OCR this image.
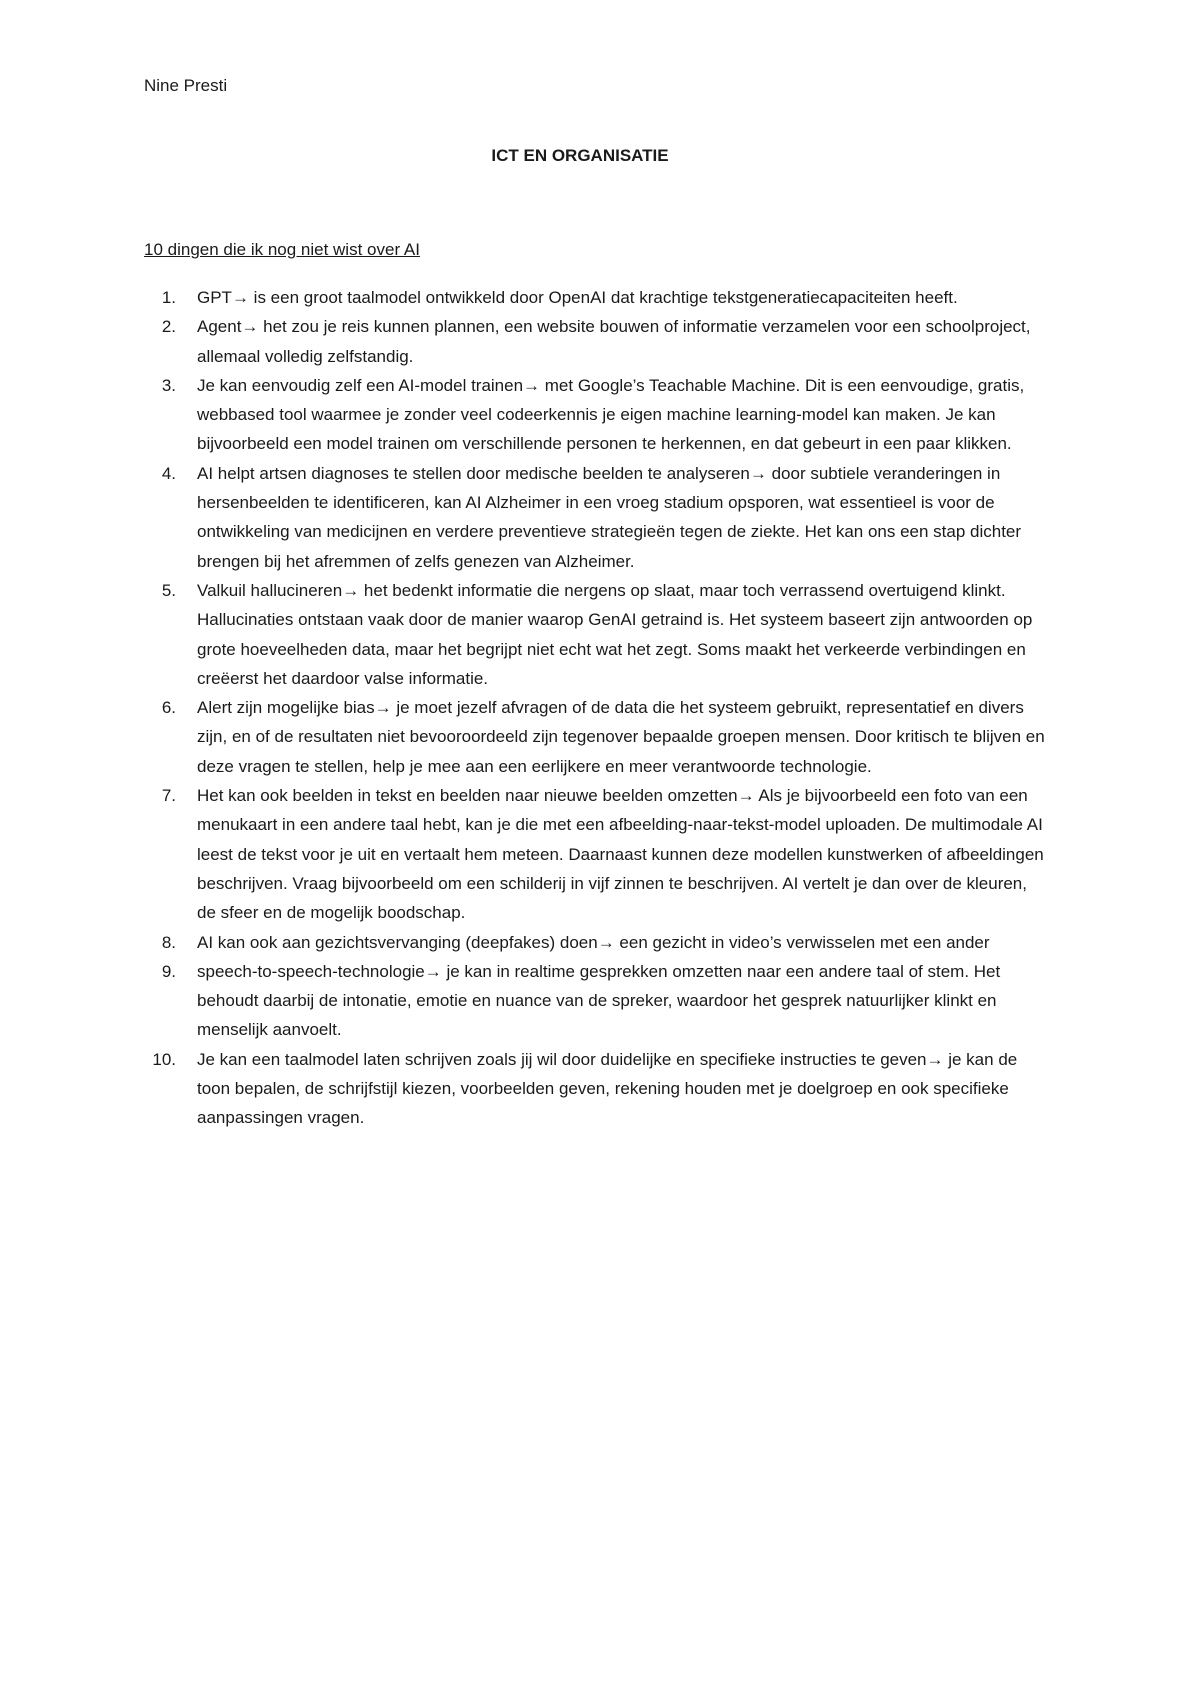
Nine Presti
ICT EN ORGANISATIE
10 dingen die ik nog niet wist over AI
1.	GPT→ is een groot taalmodel ontwikkeld door OpenAI dat krachtige tekstgeneratiecapaciteiten heeft.
2.	Agent→ het zou je reis kunnen plannen, een website bouwen of informatie verzamelen voor een schoolproject, allemaal volledig zelfstandig.
3.	Je kan eenvoudig zelf een AI-model trainen→ met Google’s Teachable Machine. Dit is een eenvoudige, gratis, webbased tool waarmee je zonder veel codeerkennis je eigen machine learning-model kan maken. Je kan bijvoorbeeld een model trainen om verschillende personen te herkennen, en dat gebeurt in een paar klikken.
4.	AI helpt artsen diagnoses te stellen door medische beelden te analyseren→ door subtiele veranderingen in hersenbeelden te identificeren, kan AI Alzheimer in een vroeg stadium opsporen, wat essentieel is voor de ontwikkeling van medicijnen en verdere preventieve strategieën tegen de ziekte. Het kan ons een stap dichter brengen bij het afremmen of zelfs genezen van Alzheimer.
5.	Valkuil hallucineren→ het bedenkt informatie die nergens op slaat, maar toch verrassend overtuigend klinkt. Hallucinaties ontstaan vaak door de manier waarop GenAI getraind is. Het systeem baseert zijn antwoorden op grote hoeveelheden data, maar het begrijpt niet echt wat het zegt. Soms maakt het verkeerde verbindingen en creëerst het daardoor valse informatie.
6.	Alert zijn mogelijke bias→ je moet jezelf afvragen of de data die het systeem gebruikt, representatief en divers zijn, en of de resultaten niet bevooroordeeld zijn tegenover bepaalde groepen mensen. Door kritisch te blijven en deze vragen te stellen, help je mee aan een eerlijkere en meer verantwoorde technologie.
7.	Het kan ook beelden in tekst en beelden naar nieuwe beelden omzetten→ Als je bijvoorbeeld een foto van een menukaart in een andere taal hebt, kan je die met een afbeelding-naar-tekst-model uploaden. De multimodale AI leest de tekst voor je uit en vertaalt hem meteen. Daarnaast kunnen deze modellen kunstwerken of afbeeldingen beschrijven. Vraag bijvoorbeeld om een schilderij in vijf zinnen te beschrijven. AI vertelt je dan over de kleuren, de sfeer en de mogelijk boodschap.
8.	AI kan ook aan gezichtsvervanging (deepfakes) doen→ een gezicht in video’s verwisselen met een ander
9.	speech-to-speech-technologie→ je kan in realtime gesprekken omzetten naar een andere taal of stem. Het behoudt daarbij de intonatie, emotie en nuance van de spreker, waardoor het gesprek natuurlijker klinkt en menselijk aanvoelt.
10.	Je kan een taalmodel laten schrijven zoals jij wil door duidelijke en specifieke instructies te geven→ je kan de toon bepalen, de schrijfstijl kiezen, voorbeelden geven, rekening houden met je doelgroep en ook specifieke aanpassingen vragen.
